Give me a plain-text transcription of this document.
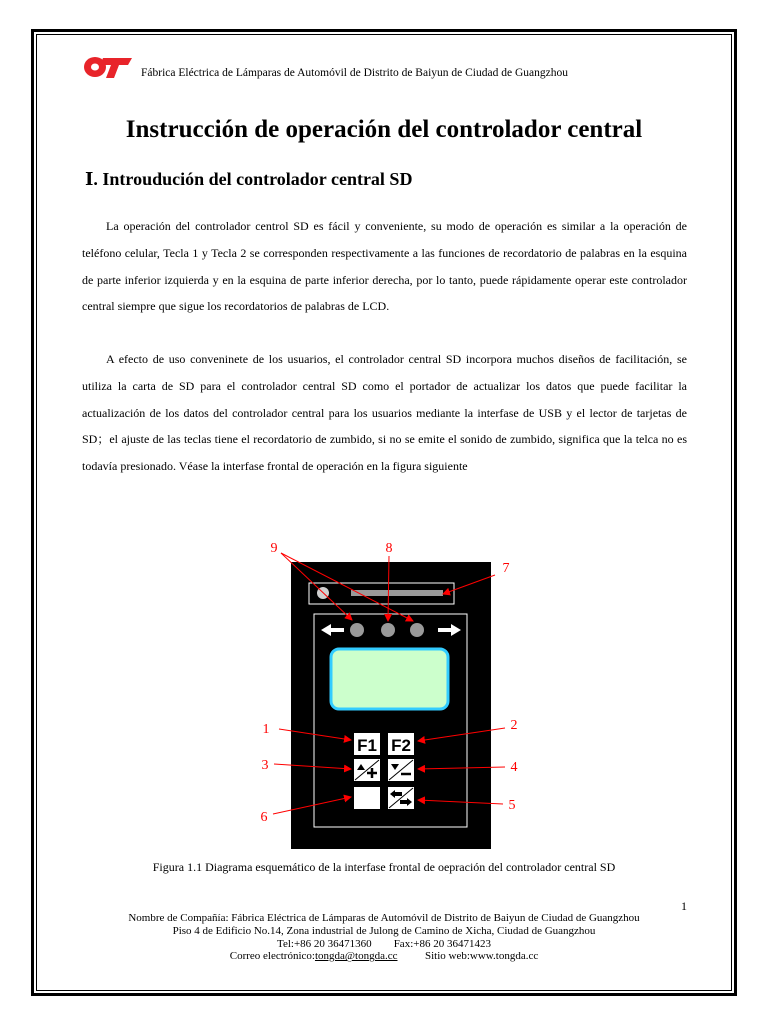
Fábrica Eléctrica de Lámparas de Automóvil de Distrito de Baiyun de Ciudad de Guangzhou
Instrucción de operación del controlador central
Ⅰ. Introudución del controlador central SD

La operación del controlador centrol SD es fácil y conveniente, su modo de operación es similar a la operación de teléfono celular, Tecla 1 y Tecla 2 se corresponden respectivamente a las funciones de recordatorio de palabras en la esquina de parte inferior izquierda y en la esquina de parte inferior derecha, por lo tanto, puede rápidamente operar este controlador central siempre que sigue los recordatorios de palabras de LCD.

A efecto de uso conveninete de los usuarios, el controlador central SD incorpora muchos diseños de facilitación, se utiliza la carta de SD para el controlador central SD como el portador de actualizar los datos que puede facilitar la actualización de los datos del controlador central para los usuarios mediante la interfase de USB y el lector de tarjetas de SD；el ajuste de las teclas tiene el recordatorio de zumbido, si no se emite el sonido de zumbido, significa que la telca no es todavía presionado. Véase la interfase frontal de operación en la figura siguiente

F1 F2
1	2
3	4
5
6
7
8
9
Figura 1.1 Diagrama esquemático de la interfase frontal de oepración del controlador central SD
1
Nombre de Compañía: Fábrica Eléctrica de Lámparas de Automóvil de Distrito de Baiyun de Ciudad de Guangzhou
Piso 4 de Edificio No.14, Zona industrial de Julong de Camino de Xicha, Ciudad de Guangzhou
Tel:+86 20 36471360 Fax:+86 20 36471423
Correo electrónico:tongda@tongda.cc	Sitio web:www.tongda.cc
